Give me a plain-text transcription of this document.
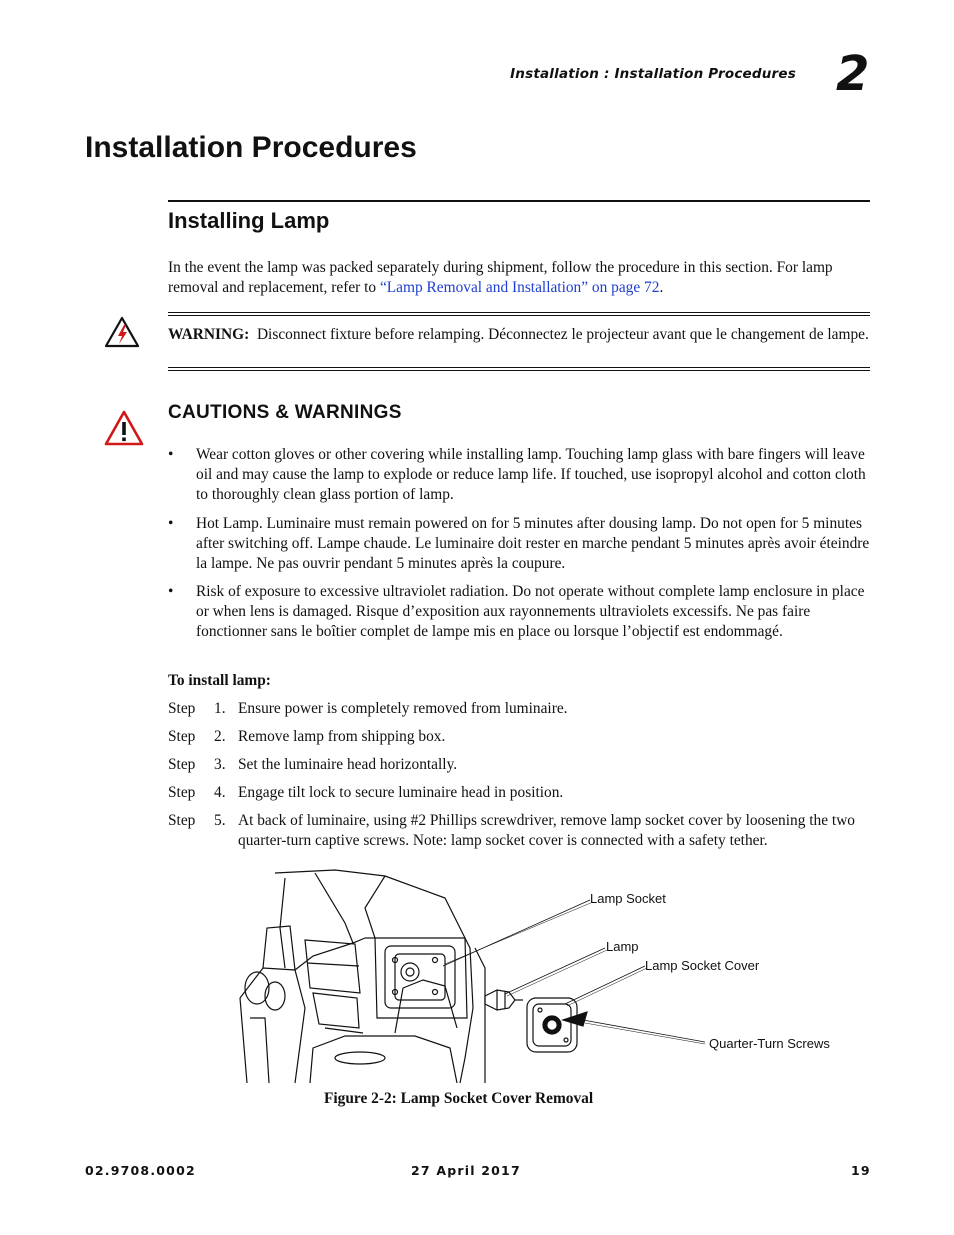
Installation : Installation Procedures 2
Installation Procedures
Installing Lamp
In the event the lamp was packed separately during shipment, follow the procedure in this section. For lamp removal and replacement, refer to “Lamp Removal and Installation” on page 72.
WARNING: Disconnect fixture before relamping. Déconnectez le projecteur avant que le changement de lampe.
CAUTIONS & WARNINGS
• Wear cotton gloves or other covering while installing lamp. Touching lamp glass with bare fingers will leave oil and may cause the lamp to explode or reduce lamp life. If touched, use isopropyl alcohol and cotton cloth to thoroughly clean glass portion of lamp.
• Hot Lamp. Luminaire must remain powered on for 5 minutes after dousing lamp. Do not open for 5 minutes after switching off. Lampe chaude. Le luminaire doit rester en marche pendant 5 minutes après avoir éteindre la lampe. Ne pas ouvrir pendant 5 minutes après la coupure.
• Risk of exposure to excessive ultraviolet radiation. Do not operate without complete lamp enclosure in place or when lens is damaged. Risque d’exposition aux rayonnements ultraviolets excessifs. Ne pas faire fonctionner sans le boîtier complet de lampe mis en place ou lorsque l’objectif est endommagé.
To install lamp:
Step 1. Ensure power is completely removed from luminaire.
Step 2. Remove lamp from shipping box.
Step 3. Set the luminaire head horizontally.
Step 4. Engage tilt lock to secure luminaire head in position.
Step 5. At back of luminaire, using #2 Phillips screwdriver, remove lamp socket cover by loosening the two quarter-turn captive screws. Note: lamp socket cover is connected with a safety tether.
Lamp Socket
Lamp
Lamp Socket Cover
Quarter-Turn Screws
Figure 2-2: Lamp Socket Cover Removal
02.9708.0002	27 April 2017	19
